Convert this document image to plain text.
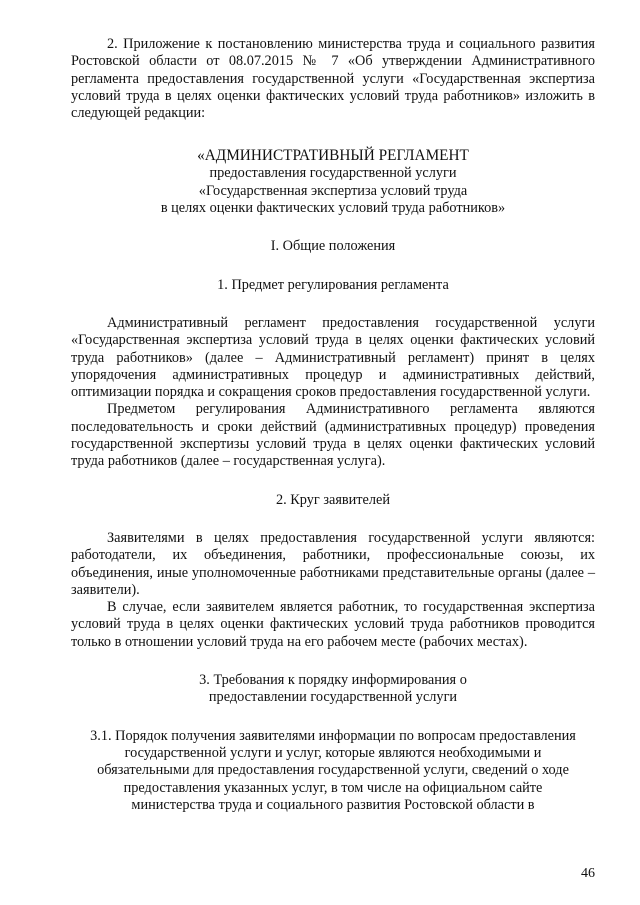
2. Приложение к постановлению министерства труда и социального развития Ростовской области от 08.07.2015 № 7 «Об утверждении Административного регламента предоставления государственной услуги «Государственная экспертиза условий труда в целях оценки фактических условий труда работников» изложить в следующей редакции:

«АДМИНИСТРАТИВНЫЙ РЕГЛАМЕНТ

предоставления государственной услуги

«Государственная экспертиза условий труда

в целях оценки фактических условий труда работников»

I. Общие положения

1. Предмет регулирования регламента

Административный регламент предоставления государственной услуги «Государственная экспертиза условий труда в целях оценки фактических условий труда работников» (далее – Административный регламент) принят в целях упорядочения административных процедур и административных действий, оптимизации порядка и сокращения сроков предоставления государственной услуги.

Предметом регулирования Административного регламента являются последовательность и сроки действий (административных процедур) проведения государственной экспертизы условий труда в целях оценки фактических условий труда работников (далее – государственная услуга).

2. Круг заявителей

Заявителями в целях предоставления государственной услуги являются: работодатели, их объединения, работники, профессиональные союзы, их объединения, иные уполномоченные работниками представительные органы (далее – заявители).

В случае, если заявителем является работник, то государственная экспертиза условий труда в целях оценки фактических условий труда работников проводится только в отношении условий труда на его рабочем месте (рабочих местах).

3. Требования к порядку информирования о

предоставлении государственной услуги

3.1. Порядок получения заявителями информации по вопросам предоставления

государственной услуги и услуг, которые являются необходимыми и

обязательными для предоставления государственной услуги, сведений о ходе

предоставления указанных услуг, в том числе на официальном сайте

министерства труда и социального развития Ростовской области в

46
